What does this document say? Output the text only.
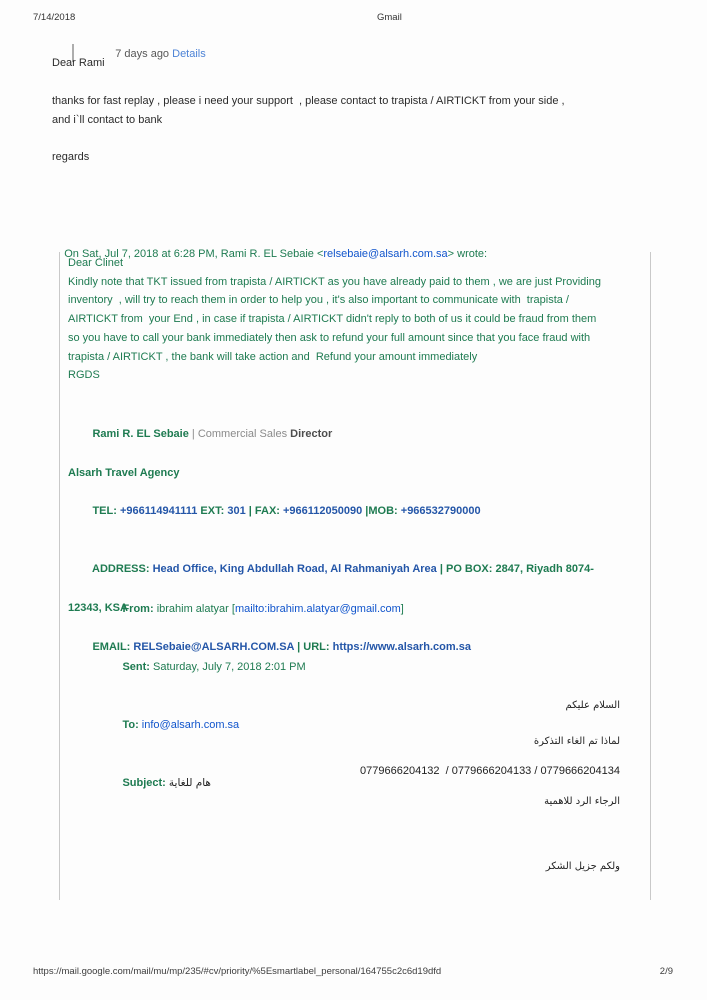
7/14/2018	Gmail

7 days ago Details

Dear Rami
thanks for fast replay , please i need your support  , please contact to trapista / AIRTICKT from your side ,
and i`ll contact to bank
regards

On Sat, Jul 7, 2018 at 6:28 PM, Rami R. EL Sebaie <relsebaie@alsarh.com.sa> wrote:

Dear Clinet
Kindly note that TKT issued from trapista / AIRTICKT as you have already paid to them , we are just Providing
inventory  , will try to reach them in order to help you , it's also important to communicate with  trapista /
AIRTICKT from  your End , in case if trapista / AIRTICKT didn't reply to both of us it could be fraud from them
so you have to call your bank immediately then ask to refund your full amount since that you face fraud with
trapista / AIRTICKT , the bank will take action and  Refund your amount immediately
RGDS

Rami R. EL Sebaie | Commercial Sales Director

Alsarh Travel Agency

TEL: +966114941111 EXT: 301 | FAX: +966112050090 |MOB: +966532790000

ADDRESS: Head Office, King Abdullah Road, Al Rahmaniyah Area | PO BOX: 2847, Riyadh 8074-

12343, KSA

EMAIL: RELSebaie@ALSARH.COM.SA | URL: https://www.alsarh.com.sa

From: ibrahim alatyar [mailto:ibrahim.alatyar@gmail.com]

Sent: Saturday, July 7, 2018 2:01 PM

To: info@alsarh.com.sa

Subject: هام للغاية

السلام عليكم
لماذا تم الغاء التذكرة
0779666204132  / 0779666204133 / 0779666204134
الرجاء الرد للاهمية
ولكم جزيل الشكر
https://mail.google.com/mail/mu/mp/235/#cv/priority/%5Esmartlabel_personal/164755c2c6d19dfd	2/9
